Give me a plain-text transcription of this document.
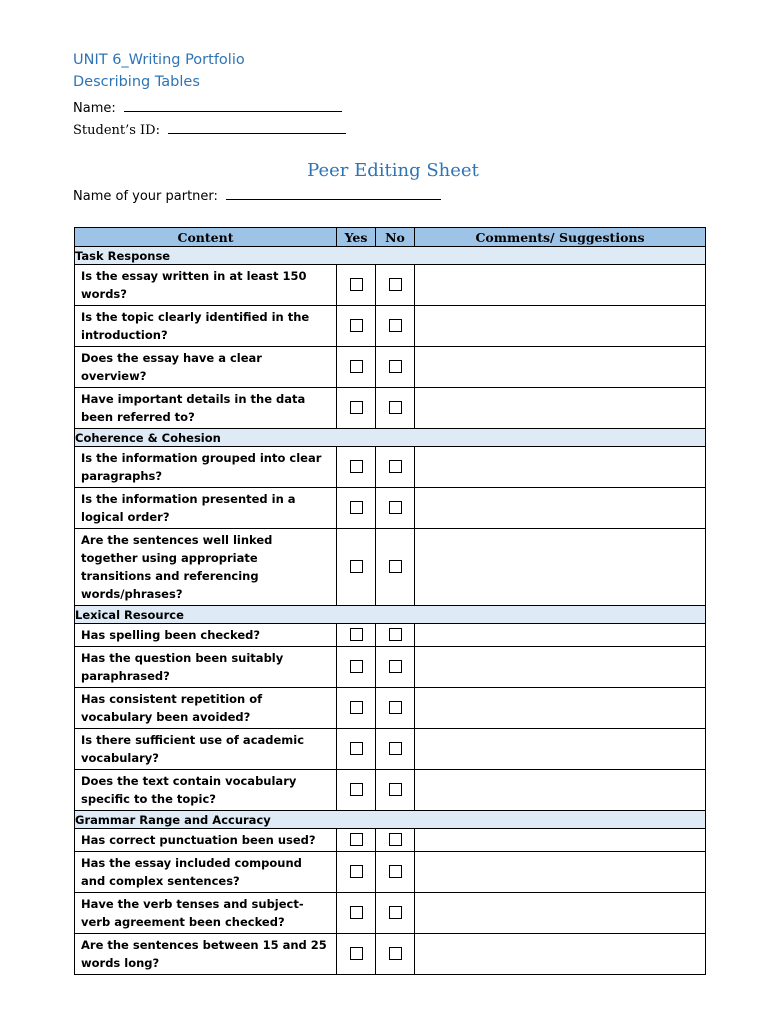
UNIT 6_Writing Portfolio
Describing Tables
Name:
Student’s ID:
Peer Editing Sheet
Name of your partner:
Content	Yes	No	Comments/ Suggestions
Task Response			
Is the essay written in at least 150 words?			
Is the topic clearly identified in the introduction?			
Does the essay have a clear overview?			
Have important details in the data been referred to?			
Coherence & Cohesion			
Is the information grouped into clear paragraphs?			
Is the information presented in a logical order?			
Are the sentences well linked together using appropriate transitions and referencing words/phrases?			
Lexical Resource			
Has spelling been checked?			
Has the question been suitably paraphrased?			
Has consistent repetition of vocabulary been avoided?			
Is there sufficient use of academic vocabulary?			
Does the text contain vocabulary specific to the topic?			
Grammar Range and Accuracy			
Has correct punctuation been used?			
Has the essay included compound and complex sentences?			
Have the verb tenses and subject-verb agreement been checked?			
Are the sentences between 15 and 25 words long?			
